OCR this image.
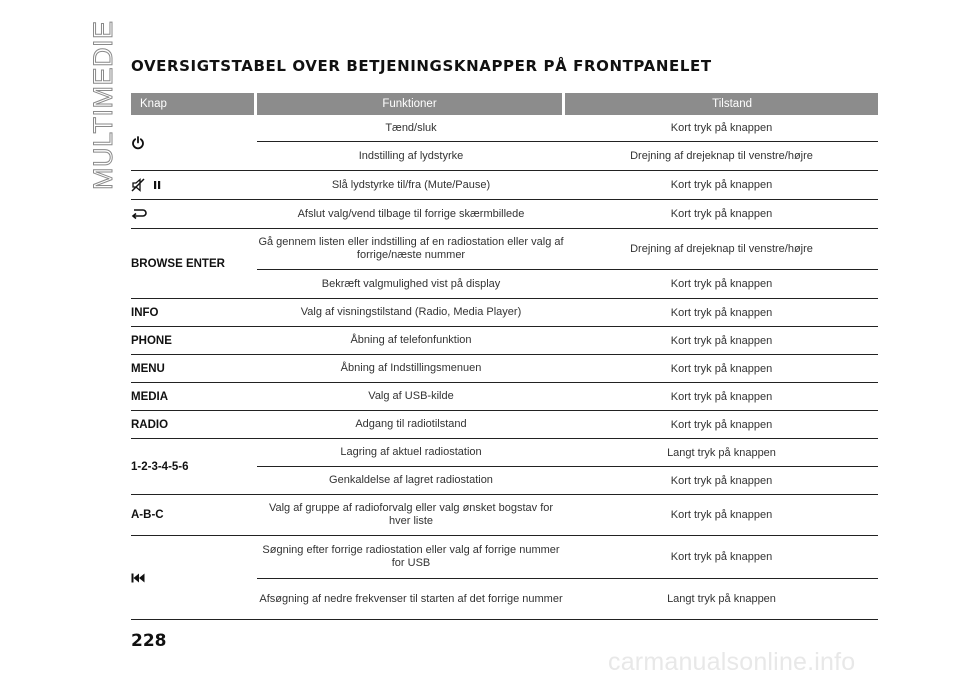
MULTIMEDIE OVERSIGTSTABEL OVER BETJENINGSKNAPPER PÅ FRONTPANELET
Knap	Funktioner	Tilstand
Tænd/sluk	Kort tryk på knappen
Indstilling af lydstyrke	Drejning af drejeknap til venstre/højre
Slå lydstyrke til/fra (Mute/Pause)	Kort tryk på knappen
Afslut valg/vend tilbage til forrige skærmbillede	Kort tryk på knappen
BROWSE ENTER
Gå gennem listen eller indstilling af en radiostation eller valg af forrige/næste nummer	Drejning af drejeknap til venstre/højre
Bekræft valgmulighed vist på display	Kort tryk på knappen
INFO	Valg af visningstilstand (Radio, Media Player)	Kort tryk på knappen
PHONE	Åbning af telefonfunktion	Kort tryk på knappen
MENU	Åbning af Indstillingsmenuen	Kort tryk på knappen
MEDIA	Valg af USB-kilde	Kort tryk på knappen
RADIO	Adgang til radiotilstand	Kort tryk på knappen
1-2-3-4-5-6
Lagring af aktuel radiostation	Langt tryk på knappen
Genkaldelse af lagret radiostation	Kort tryk på knappen
A-B-C
Valg af gruppe af radioforvalg eller valg ønsket bogstav for hver liste	Kort tryk på knappen
Søgning efter forrige radiostation eller valg af forrige nummer for USB	Kort tryk på knappen
Afsøgning af nedre frekvenser til starten af det forrige nummer	Langt tryk på knappen
228
carmanualsonline.info
